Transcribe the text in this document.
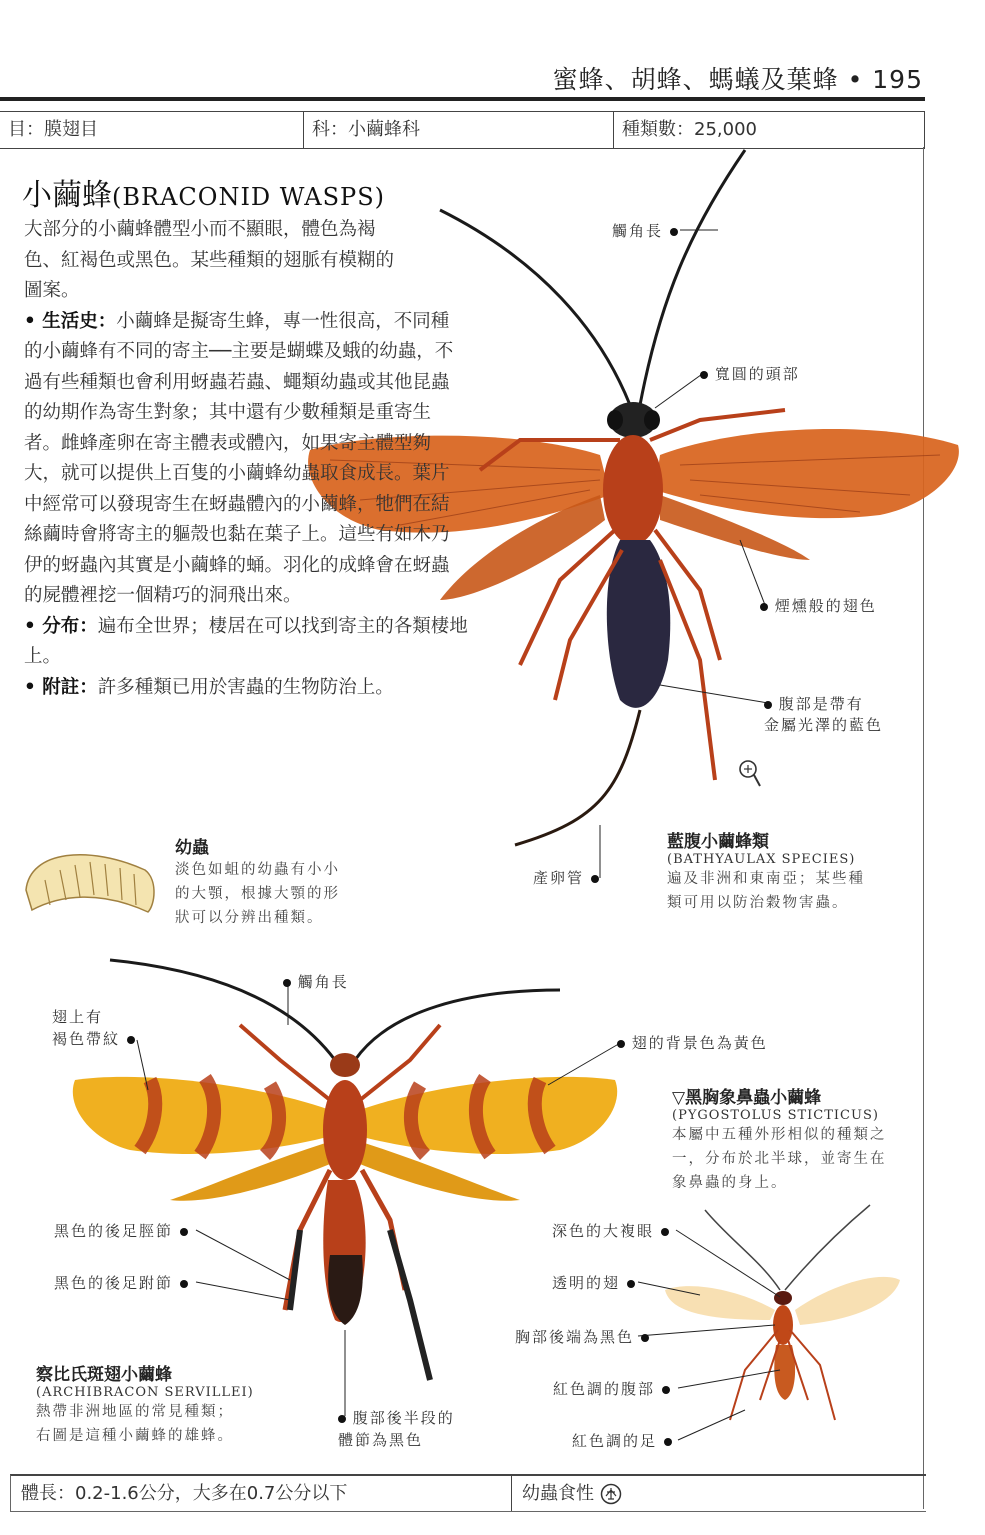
蜜蜂、胡蜂、螞蟻及葉蜂 • 195
目：膜翅目	科：小繭蜂科	種類數：25,000
小繭蜂(BRACONID WASPS)

大部分的小繭蜂體型小而不顯眼，體色為褐色、紅褐色或黑色。某些種類的翅脈有模糊的圖案。

• 生活史：小繭蜂是擬寄生蜂，專一性很高，不同種的小繭蜂有不同的寄主──主要是蝴蝶及蛾的幼蟲，不過有些種類也會利用蚜蟲若蟲、蠅類幼蟲或其他昆蟲的幼期作為寄生對象；其中還有少數種類是重寄生者。雌蜂產卵在寄主體表或體內，如果寄主體型夠大，就可以提供上百隻的小繭蜂幼蟲取食成長。葉片中經常可以發現寄生在蚜蟲體內的小繭蜂，牠們在結絲繭時會將寄主的軀殼也黏在葉子上。這些有如木乃伊的蚜蟲內其實是小繭蜂的蛹。羽化的成蜂會在蚜蟲的屍體裡挖一個精巧的洞飛出來。

• 分布：遍布全世界；棲居在可以找到寄主的各類棲地上。

• 附註：許多種類已用於害蟲的生物防治上。

觸角長
寬圓的頭部
煙燻般的翅色
腹部是帶有
金屬光澤的藍色
產卵管
幼蟲
淡色如蛆的幼蟲有小小
的大顎，根據大顎的形
狀可以分辨出種類。
藍腹小繭蜂類
(BATHYAULAX SPECIES)
遍及非洲和東南亞；某些種
類可用以防治穀物害蟲。
觸角長
翅上有
褐色帶紋	翅的背景色為黃色
黑色的後足脛節
黑色的後足跗節
腹部後半段的
體節為黑色
▽黑胸象鼻蟲小繭蜂
(PYGOSTOLUS STICTICUS)
本屬中五種外形相似的種類之
一，分布於北半球，並寄生在
象鼻蟲的身上。
深色的大複眼
透明的翅
胸部後端為黑色
紅色調的腹部
紅色調的足
察比氏斑翅小繭蜂
(ARCHIBRACON SERVILLEI)
熱帶非洲地區的常見種類；
右圖是這種小繭蜂的雄蜂。
體長：0.2-1.6公分，大多在0.7公分以下	幼蟲食性
